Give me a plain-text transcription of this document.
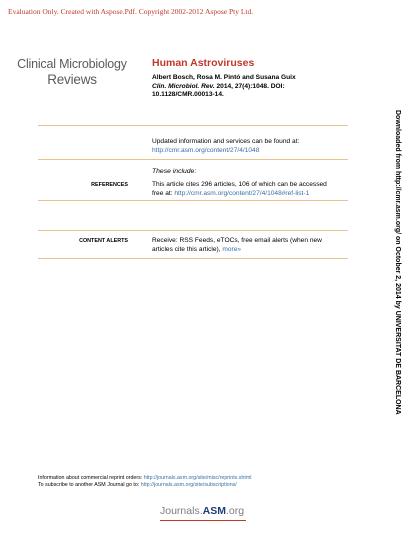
Evaluation Only. Created with Aspose.Pdf. Copyright 2002-2012 Aspose Pty Ltd.
Clinical Microbiology
Reviews
Human Astroviruses
Albert Bosch, Rosa M. Pintó and Susana Guix
Clin. Microbiol. Rev. 2014, 27(4):1048. DOI:
10.1128/CMR.00013-14.
Updated information and services can be found at:
http://cmr.asm.org/content/27/4/1048
These include:
REFERENCES	This article cites 296 articles, 106 of which can be accessed
free at: http://cmr.asm.org/content/27/4/1048#ref-list-1
CONTENT ALERTS	Receive: RSS Feeds, eTOCs, free email alerts (when new
articles cite this article), more»	Downloaded from http://cmr.asm.org/ on October 2, 2014 by UNIVERSITAT DE BARCELONA
Information about commercial reprint orders: http://journals.asm.org/site/misc/reprints.xhtml
To subscribe to another ASM Journal go to: http://journals.asm.org/site/subscriptions/
Journals.ASM.org
